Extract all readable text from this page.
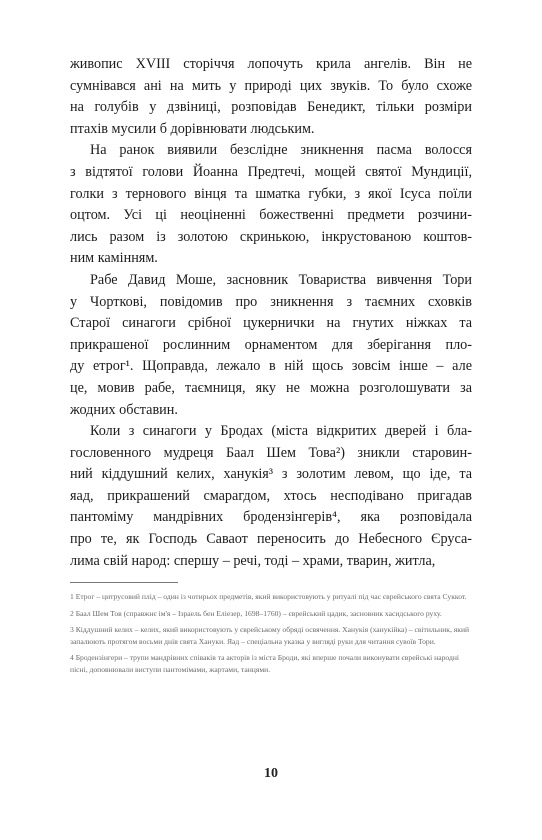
живопис XVIII сторіччя лопочуть крила ангелів. Він не
сумнівався ані на мить у природі цих звуків. То було схоже
на голубів у дзвіниці, розповідав Бенедикт, тільки розміри
птахів мусили б дорівнювати людським.

На ранок виявили безслідне зникнення пасма волосся
з відтятої голови Йоанна Предтечі, мощей святої Мундиції,
голки з тернового вінця та шматка губки, з якої Ісуса поїли
оцтом. Усі ці неоціненні божественні предмети розчини-
лись разом із золотою скринькою, інкрустованою коштов-
ним камінням.

Рабе Давид Моше, засновник Товариства вивчення Тори
у Чорткові, повідомив про зникнення з таємних сховків
Старої синагоги срібної цукернички на гнутих ніжках та
прикрашеної рослинним орнаментом для зберігання пло-
ду етрог¹. Щоправда, лежало в ній щось зовсім інше – але
це, мовив рабе, таємниця, яку не можна розголошувати за
жодних обставин.

Коли з синагоги у Бродах (міста відкритих дверей і бла-
гословенного мудреця Баал Шем Това²) зникли старовин-
ний кіддушний келих, ханукія³ з золотим левом, що іде, та
яад, прикрашений смарагдом, хтось несподівано пригадав
пантоміму мандрівних бродензінгерів⁴, яка розповідала
про те, як Господь Саваот переносить до Небесного Єруса-
лима свій народ: спершу – речі, тоді – храми, тварин, житла,

1 Етрог – цитрусовий плід – один із чотирьох предметів, який використовують у ритуалі під час єврейського свята Суккот.

2 Баал Шем Тов (справжнє ім'я – Ізраель бен Еліезер, 1698–1760) – єврейський цадик, засновник хасидського руху.

3 Кіддушний келих – келих, який використовують у єврейському обряді освячення. Ханукія (ханукійка) – світильник, який запалюють протягом восьми днів свята Хануки. Яад – спеціальна указка у вигляді руки для читання сувоїв Тори.

4 Бродензінгери – трупи мандрівних співаків та акторів із міста Броди, які вперше почали виконувати єврейські народні пісні, доповнювали виступи пантомімами, жартами, танцями.

10
